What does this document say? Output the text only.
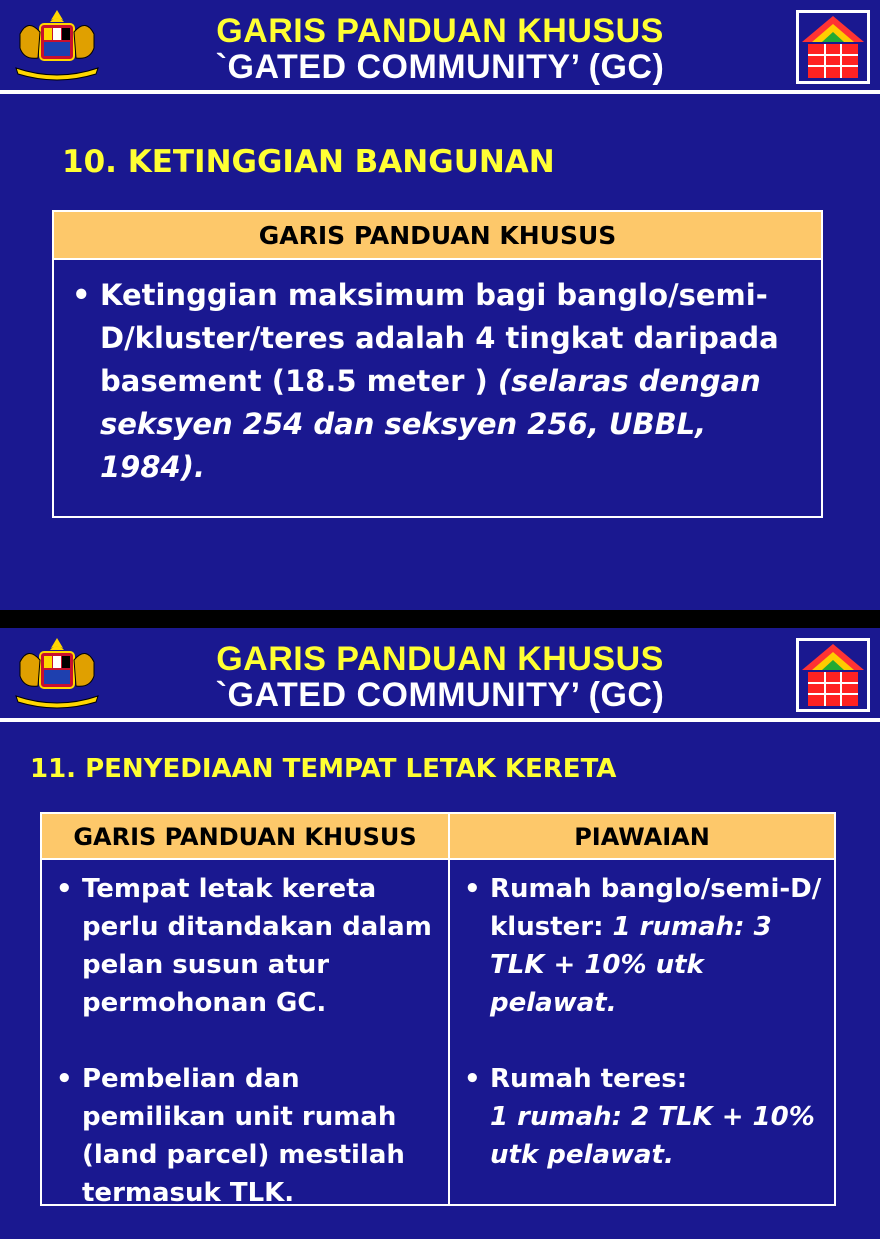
GARIS PANDUAN KHUSUS
`GATED COMMUNITY’ (GC)
10. KETINGGIAN BANGUNAN
GARIS PANDUAN KHUSUS
• Ketinggian maksimum bagi banglo/semi-D/kluster/teres adalah 4 tingkat daripada basement (18.5 meter ) (selaras dengan seksyen 254 dan seksyen 256, UBBL, 1984).
GARIS PANDUAN KHUSUS
`GATED COMMUNITY’ (GC)
11. PENYEDIAAN TEMPAT LETAK KERETA
GARIS PANDUAN KHUSUS
• Tempat letak kereta perlu ditandakan dalam pelan susun atur permohonan GC.
• Pembelian dan pemilikan unit rumah (land parcel) mestilah termasuk TLK.
PIAWAIAN
• Rumah banglo/semi-D/ kluster: 1 rumah: 3 TLK + 10% utk pelawat.
• Rumah teres:
1 rumah: 2 TLK + 10% utk pelawat.
